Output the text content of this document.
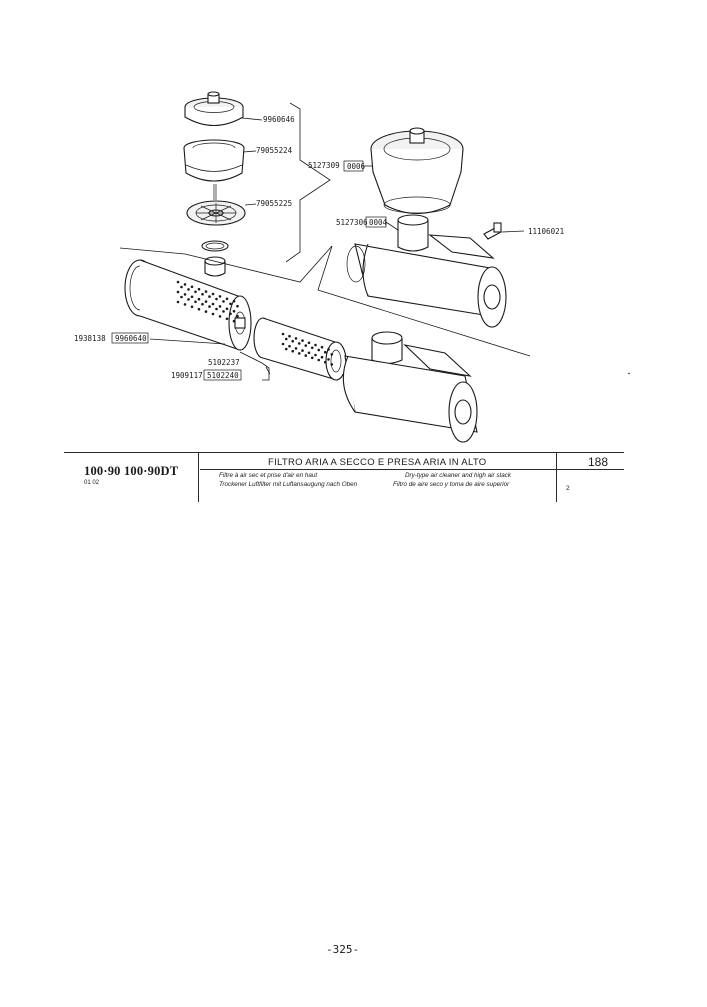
9960646
79055224
79055225
5127309 0006
5127306 0004
11106021
1938138 9960640
5102237
1909117 5102240
100·90 100·90DT
01 02
FILTRO ARIA A SECCO E PRESA ARIA IN ALTO
Filtre à air sec et prise d'air en haut
Trockener Luftfilter mit Luftansaugung nach Oben
Dry-type air cleaner and high air stack
Filtro de aire seco y toma de aire superior
188
2
-325-
